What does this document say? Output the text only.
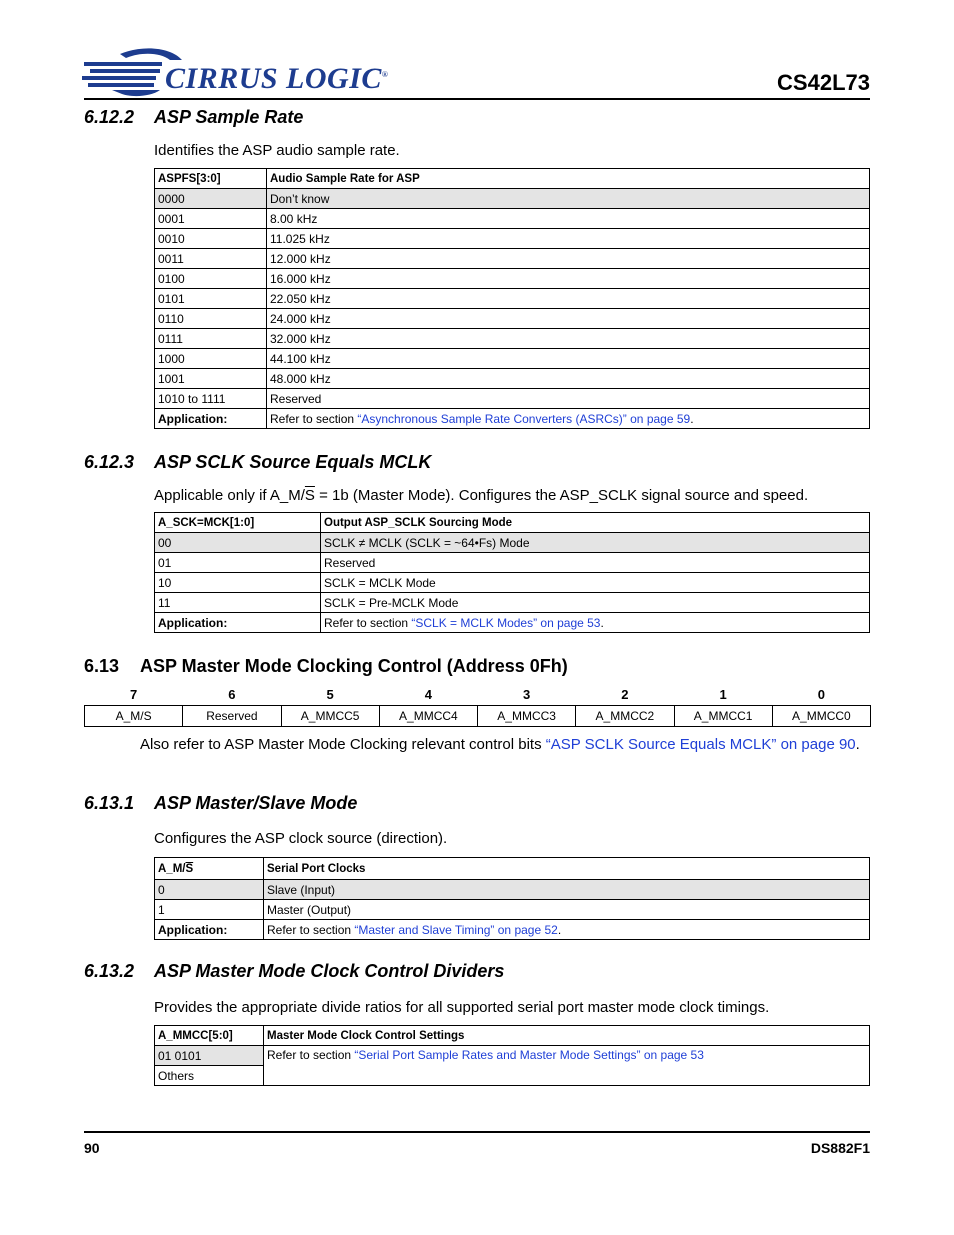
CIRRUS LOGIC®	CS42L73
6.12.2 ASP Sample Rate
Identifies the ASP audio sample rate.
ASPFS[3:0]	Audio Sample Rate for ASP
0000	Don’t know
0001	8.00 kHz
0010	11.025 kHz
0011	12.000 kHz
0100	16.000 kHz
0101	22.050 kHz
0110	24.000 kHz
0111	32.000 kHz
1000	44.100 kHz
1001	48.000 kHz
1010 to 1111	Reserved
Application:	Refer to section “Asynchronous Sample Rate Converters (ASRCs)” on page 59.
6.12.3 ASP SCLK Source Equals MCLK
Applicable only if $A\_M/\overline{S} = 1b$ (Master Mode). Configures the ASP_SCLK signal source and speed.
A_SCK=MCK[1:0]	Output ASP_SCLK Sourcing Mode
00	SCLK ≠ MCLK (SCLK = ~64•Fs) Mode
01	Reserved
10	SCLK = MCLK Mode
11	SCLK = Pre-MCLK Mode
Application:	Refer to section “SCLK = MCLK Modes” on page 53.
6.13 ASP Master Mode Clocking Control (Address 0Fh)
7	6	5	4	3	2	1	0
A_M/S	Reserved	A_MMCC5	A_MMCC4	A_MMCC3	A_MMCC2	A_MMCC1	A_MMCC0
Also refer to ASP Master Mode Clocking relevant control bits “ASP SCLK Source Equals MCLK” on page 90.
6.13.1 ASP Master/Slave Mode
Configures the ASP clock source (direction).
$A\_M/\overline{S}$	Serial Port Clocks
0	Slave (Input)
1	Master (Output)
Application:	Refer to section “Master and Slave Timing” on page 52.
6.13.2 ASP Master Mode Clock Control Dividers
Provides the appropriate divide ratios for all supported serial port master mode clock timings.
A_MMCC[5:0]	Master Mode Clock Control Settings
01 0101	Refer to section “Serial Port Sample Rates and Master Mode Settings” on page 53
Others	
90	DS882F1
